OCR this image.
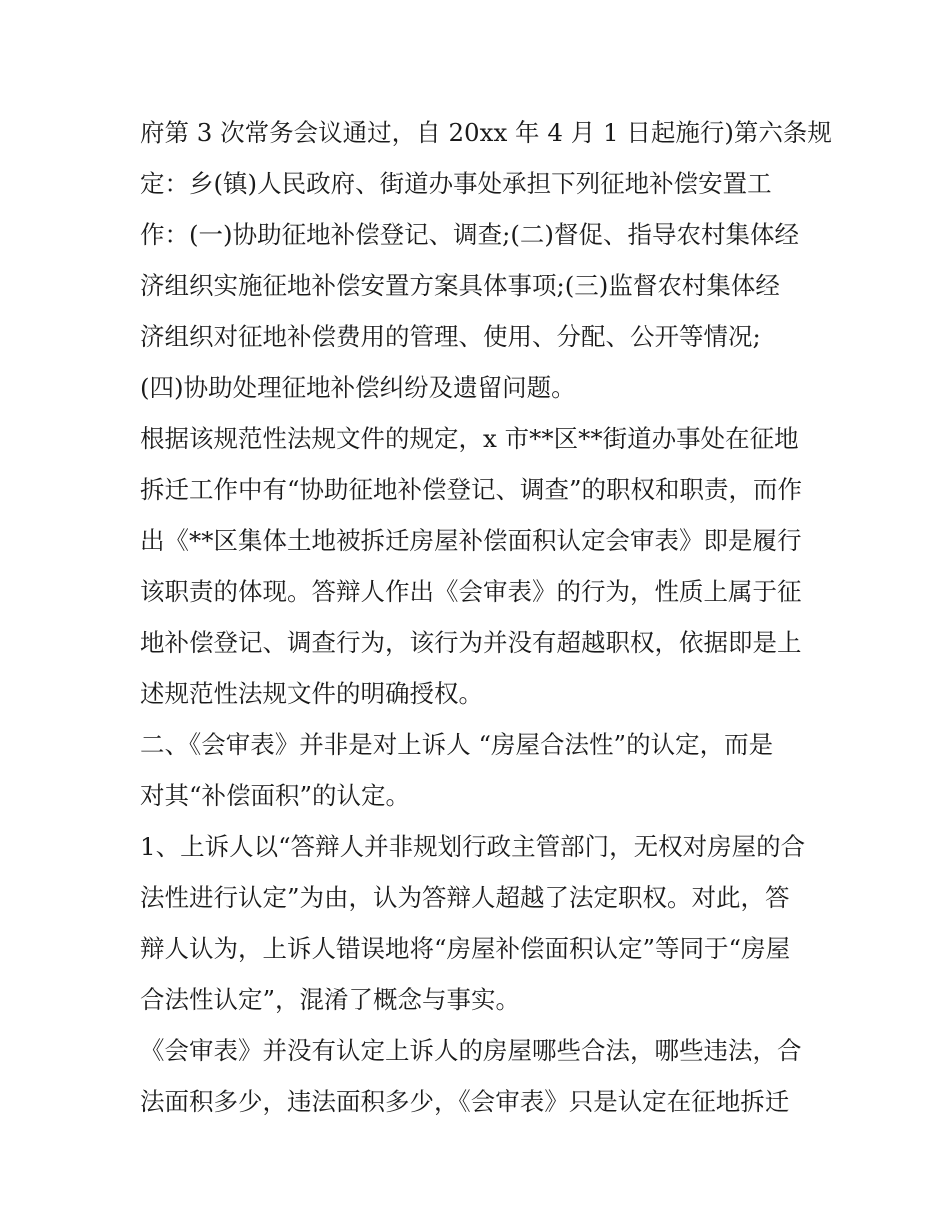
府第 3 次常务会议通过，自 20xx 年 4 月 1 日起施行)第六条规
定：乡(镇)人民政府、街道办事处承担下列征地补偿安置工
作：(一)协助征地补偿登记、调查;(二)督促、指导农村集体经
济组织实施征地补偿安置方案具体事项;(三)监督农村集体经
济组织对征地补偿费用的管理、使用、分配、公开等情况;
(四)协助处理征地补偿纠纷及遗留问题。
根据该规范性法规文件的规定，x 市**区**街道办事处在征地
拆迁工作中有“协助征地补偿登记、调查”的职权和职责，而作
出《**区集体土地被拆迁房屋补偿面积认定会审表》即是履行
该职责的体现。答辩人作出《会审表》的行为，性质上属于征
地补偿登记、调查行为，该行为并没有超越职权，依据即是上
述规范性法规文件的明确授权。
二、《会审表》并非是对上诉人 “房屋合法性”的认定，而是
对其“补偿面积”的认定。
1、上诉人以“答辩人并非规划行政主管部门，无权对房屋的合
法性进行认定”为由，认为答辩人超越了法定职权。对此，答
辩人认为，上诉人错误地将“房屋补偿面积认定”等同于“房屋
合法性认定”，混淆了概念与事实。
《会审表》并没有认定上诉人的房屋哪些合法，哪些违法，合
法面积多少，违法面积多少，《会审表》只是认定在征地拆迁
